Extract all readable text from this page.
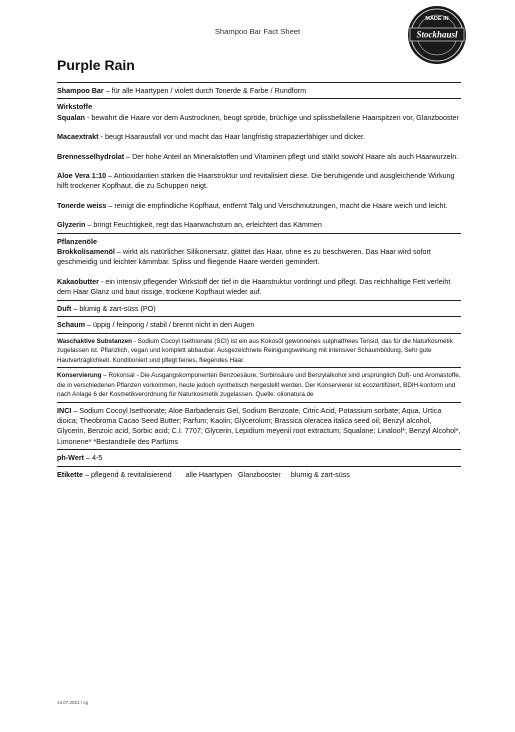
Shampoo Bar Fact Sheet
MADE IN
Stockhausl
Purple Rain

Shampoo Bar – für alle Haartypen / violett durch Tonerde & Farbe / Rundform

Wirkstoffe

Squalan - bewahrt die Haare vor dem Austrocknen, beugt spröde, brüchige und splissbefallene Haarspitzen vor, Glanzbooster

Macaextrakt - beugt Haarausfall vor und macht das Haar langfristig strapazierfähiger und dicker.

Brennesselhydrolat – Der hohe Anteil an Mineralstoffen und Vitaminen pflegt und stärkt sowohl Haare als auch Haarwurzeln.

Aloe Vera 1:10 – Antioxidantien stärken die Haarstruktur und revitalisiert diese. Die beruhigende und ausgleichende Wirkung hilft trockener Kopfhaut, die zu Schuppen neigt.

Tonerde weiss – reinigt die empfindliche Kopfhaut, entfernt Talg und Verschmutzungen, macht die Haare weich und leicht.

Glyzerin – bringt Feuchtigkeit, regt das Haarwachstum an, erleichtert das Kämmen

Pflanzenöle

Brokkolisamenöl – wirkt als natürlicher Silikonersatz, glättet das Haar, ohne es zu beschweren. Das Haar wird sofort geschmeidig und leichter kämmbar. Spliss und fliegende Haare werden gemindert.

Kakaobutter - ein intensiv pflegender Wirkstoff der tief in die Haarstruktur vordringt und pflegt. Das reichhaltige Fett verleiht dem Haar Glanz und baut rissige, trockene Kopfhaut wieder auf.

Duft – blumig & zart-süss (PO)

Schaum – üppig / feinporig / stabil / brennt nicht in den Augen

Waschaktive Substanzen - Sodium Cocoyl Isethionate (SCI) ist ein aus Kokosöl gewonnenes sulphatfreies Tensid, das für die Naturkosmetik zugelassen ist. Pflanzlich, vegan und komplett abbaubar. Ausgezeichnete Reinigungswirkung mit intensiver Schaumbildung. Sehr gute Hautverträglichkeit. Konditioniert und pflegt feines, fliegendes Haar.

Konservierung – Rokonsal - Die Ausgangskomponenten Benzoesäure, Sorbinsäure und Benzylalkohol sind ursprünglich Duft- und Aromastoffe, die in verschiedenen Pflanzen vorkommen, heute jedoch synthetisch hergestellt werden. Der Konservierer ist ecozertifiziert, BDIH-konform und nach Anlage 6 der Kosmetikverordnung für Naturkosmetik zugelassen. Quelle: olionatura.de

INCI – Sodium Cocoyl Isethionate; Aloe Barbadensis Gel, Sodium Benzoate, Citric Acid, Potassium sorbate; Aqua, Urtica dioica; Theobroma Cacao Seed Butter; Parfum; Kaolin; Glycerolum; Brassica oleracea italica seed oil; Benzyl alcohol, Glycerin, Benzoic acid, Sorbic acid; C.I. 7707; Glycerin, Lepidium meyenii root extractum; Squalane; Linalool*; Benzyl Alcohol*, Limonene* *Bestandteile des Parfüms

ph-Wert – 4-5

Etikette – pflegend & revitalisierend alle Haartypen Glanzbooster blumig & zart-süss

14.07.2021 / cg
